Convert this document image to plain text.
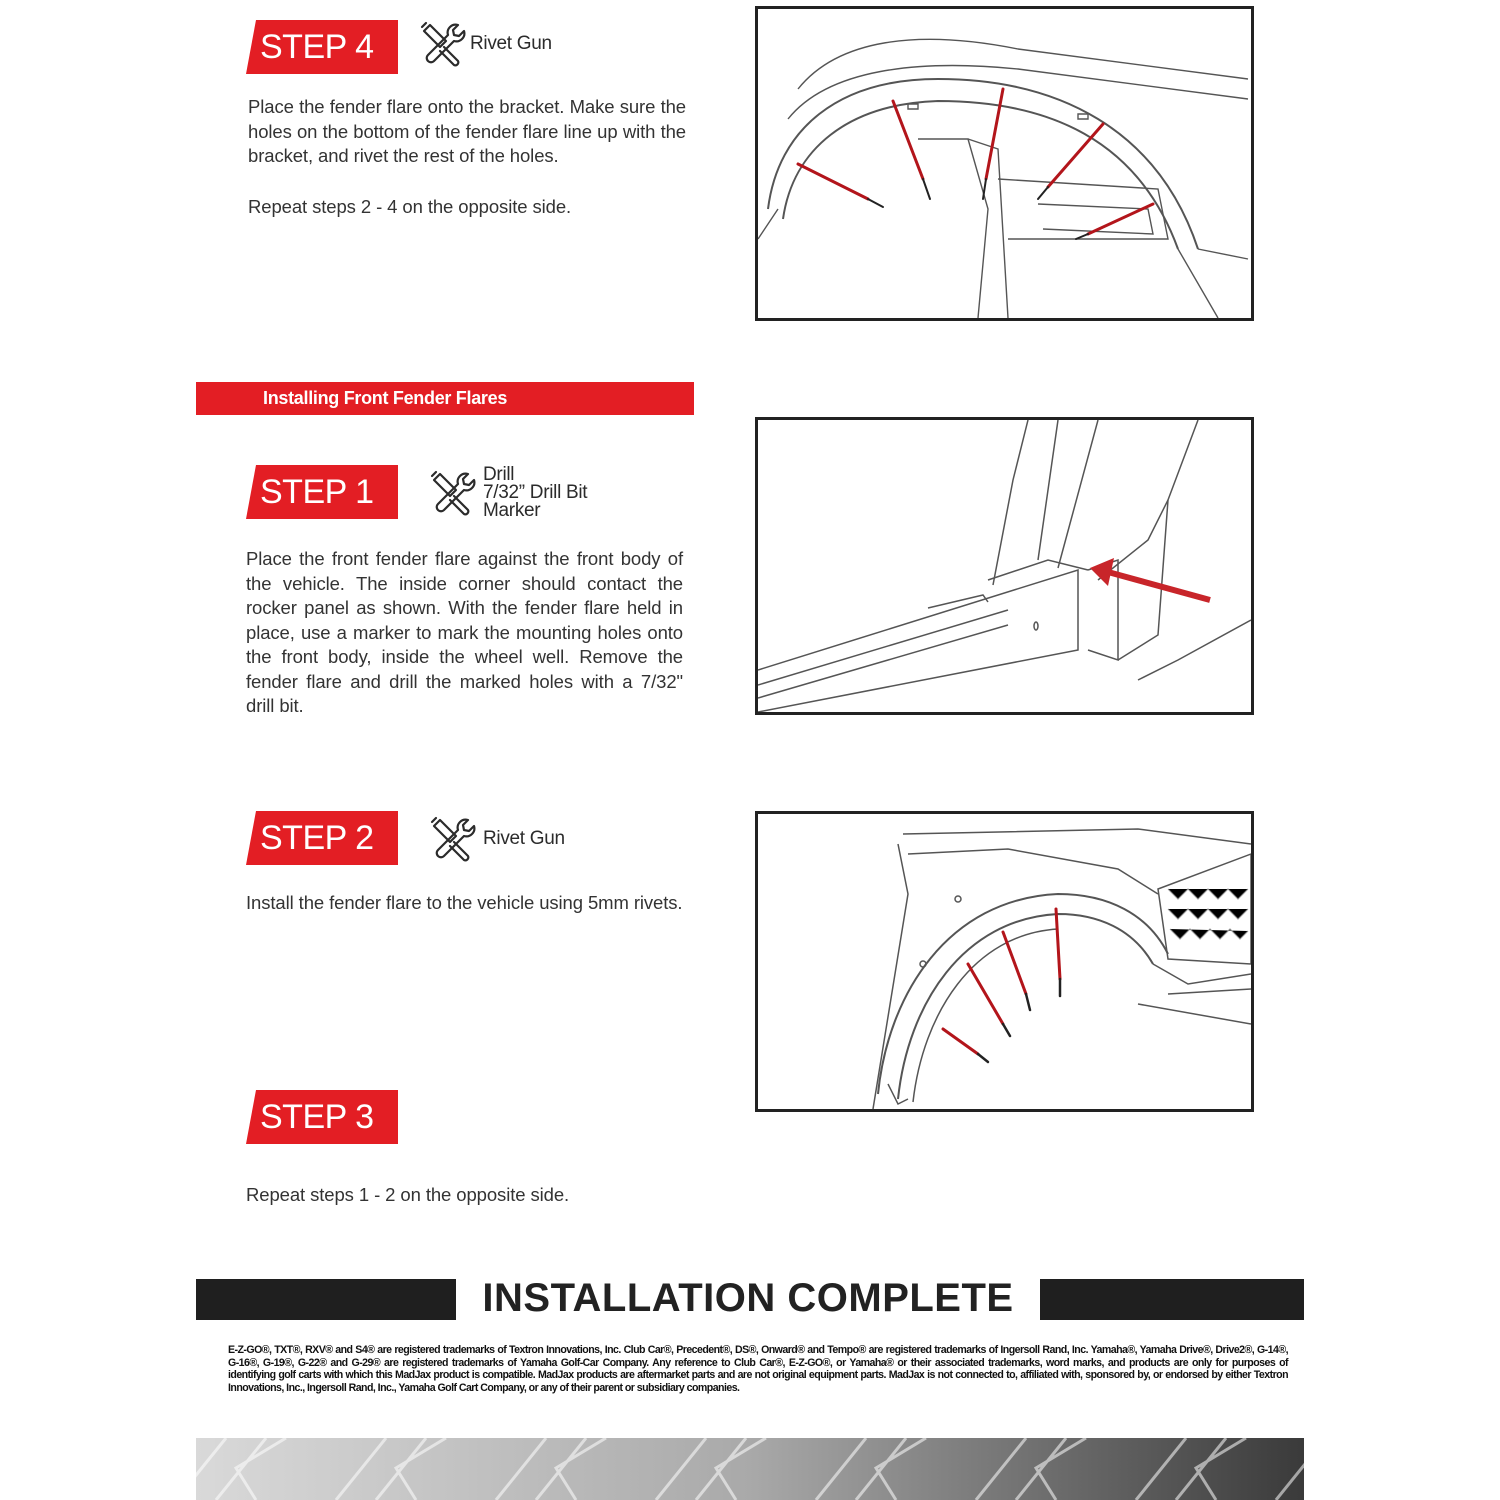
STEP 4	Rivet Gun

Place the fender flare onto the bracket. Make sure the holes on the bottom of the fender flare line up with the bracket, and rivet the rest of the holes.

Repeat steps 2 - 4 on the opposite side.

Installing Front Fender Flares
STEP 1	Drill
7/32” Drill Bit
Marker

Place the front fender flare against the front body of the vehicle. The inside corner should contact the rocker panel as shown. With the fender flare held in place, use a marker to mark the mounting holes onto the front body, inside the wheel well. Remove the fender flare and drill the marked holes with a 7/32" drill bit.

STEP 2	Rivet Gun

Install the fender flare to the vehicle using 5mm rivets.

STEP 3

Repeat steps 1 - 2 on the opposite side.

INSTALLATION COMPLETE
E-Z-GO®, TXT®, RXV® and S4® are registered trademarks of Textron Innovations, Inc. Club Car®, Precedent®, DS®, Onward® and Tempo® are registered trademarks of Ingersoll Rand, Inc. Yamaha®, Yamaha Drive®, Drive2®, G-14®, G-16®, G-19®, G-22® and G-29® are registered trademarks of Yamaha Golf-Car Company. Any reference to Club Car®, E-Z-GO®, or Yamaha® or their associated trademarks, word marks, and products are only for purposes of identifying golf carts with which this MadJax product is compatible. MadJax products are aftermarket parts and are not original equipment parts. MadJax is not connected to, affiliated with, sponsored by, or endorsed by either Textron Innovations, Inc., Ingersoll Rand, Inc., Yamaha Golf Cart Company, or any of their parent or subsidiary companies.
